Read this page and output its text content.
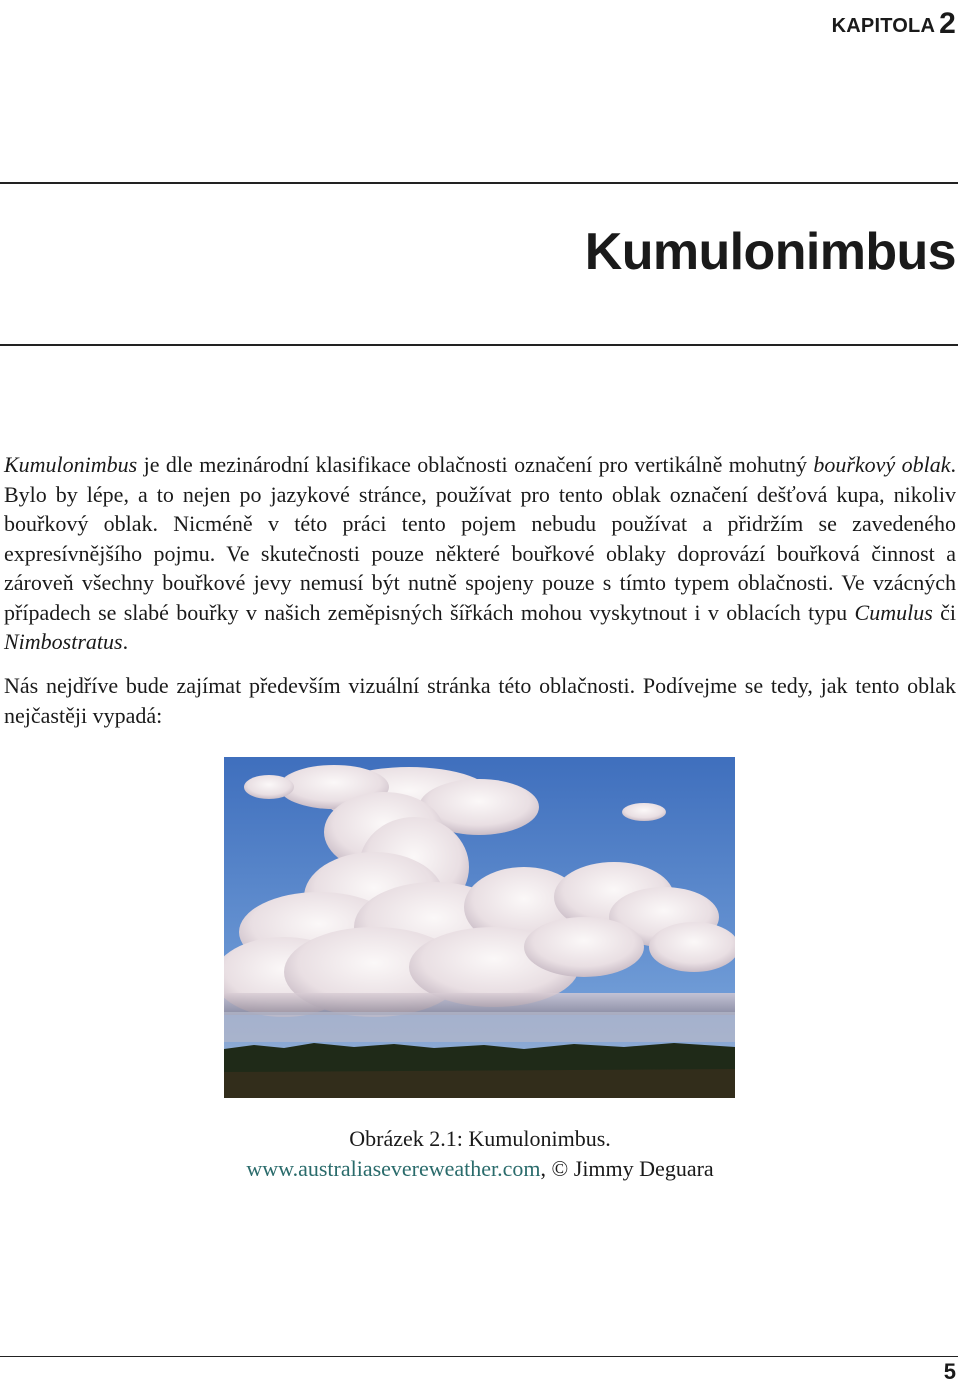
KAPITOLA 2
Kumulonimbus

Kumulonimbus je dle mezinárodní klasifikace oblačnosti označení pro vertikálně mohutný bouřkový oblak. Bylo by lépe, a to nejen po jazykové stránce, používat pro tento oblak označení dešťová kupa, nikoliv bouřkový oblak. Nicméně v této práci tento pojem nebudu používat a přidržím se zavedeného expresívnějšího pojmu. Ve skutečnosti pouze některé bouřkové oblaky doprovází bouřková činnost a zároveň všechny bouřkové jevy nemusí být nutně spojeny pouze s tímto typem oblačnosti. Ve vzácných případech se slabé bouřky v našich zeměpisných šířkách mohou vyskytnout i v oblacích typu Cumulus či Nimbostratus.

Nás nejdříve bude zajímat především vizuální stránka této oblačnosti. Podívejme se tedy, jak tento oblak nejčastěji vypadá:

Obrázek 2.1: Kumulonimbus.
www.australiasevereweather.com, © Jimmy Deguara
5
